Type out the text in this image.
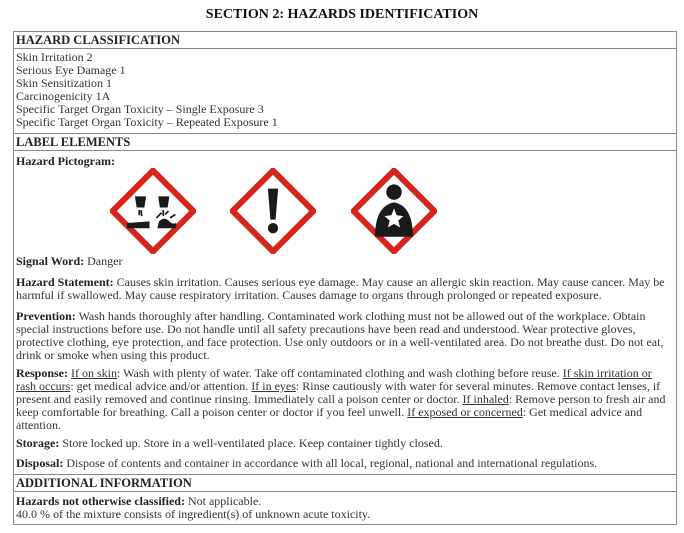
SECTION 2: HAZARDS IDENTIFICATION
HAZARD CLASSIFICATION
Skin Irritation 2
Serious Eye Damage 1
Skin Sensitization 1
Carcinogenicity 1A
Specific Target Organ Toxicity – Single Exposure 3
Specific Target Organ Toxicity – Repeated Exposure 1
LABEL ELEMENTS
Hazard Pictogram:
Signal Word: Danger

Hazard Statement: Causes skin irritation. Causes serious eye damage. May cause an allergic skin reaction. May cause cancer. May be harmful if swallowed. May cause respiratory irritation. Causes damage to organs through prolonged or repeated exposure.

Prevention: Wash hands thoroughly after handling. Contaminated work clothing must not be allowed out of the workplace. Obtain special instructions before use. Do not handle until all safety precautions have been read and understood. Wear protective gloves, protective clothing, eye protection, and face protection. Use only outdoors or in a well-ventilated area. Do not breathe dust. Do not eat, drink or smoke when using this product.

Response: If on skin: Wash with plenty of water. Take off contaminated clothing and wash clothing before reuse. If skin irritation or rash occurs: get medical advice and/or attention. If in eyes: Rinse cautiously with water for several minutes. Remove contact lenses, if present and easily removed and continue rinsing. Immediately call a poison center or doctor. If inhaled: Remove person to fresh air and keep comfortable for breathing. Call a poison center or doctor if you feel unwell. If exposed or concerned: Get medical advice and attention.

Storage: Store locked up. Store in a well-ventilated place. Keep container tightly closed.
Disposal: Dispose of contents and container in accordance with all local, regional, national and international regulations.
ADDITIONAL INFORMATION
Hazards not otherwise classified: Not applicable.
40.0 % of the mixture consists of ingredient(s) of unknown acute toxicity.
